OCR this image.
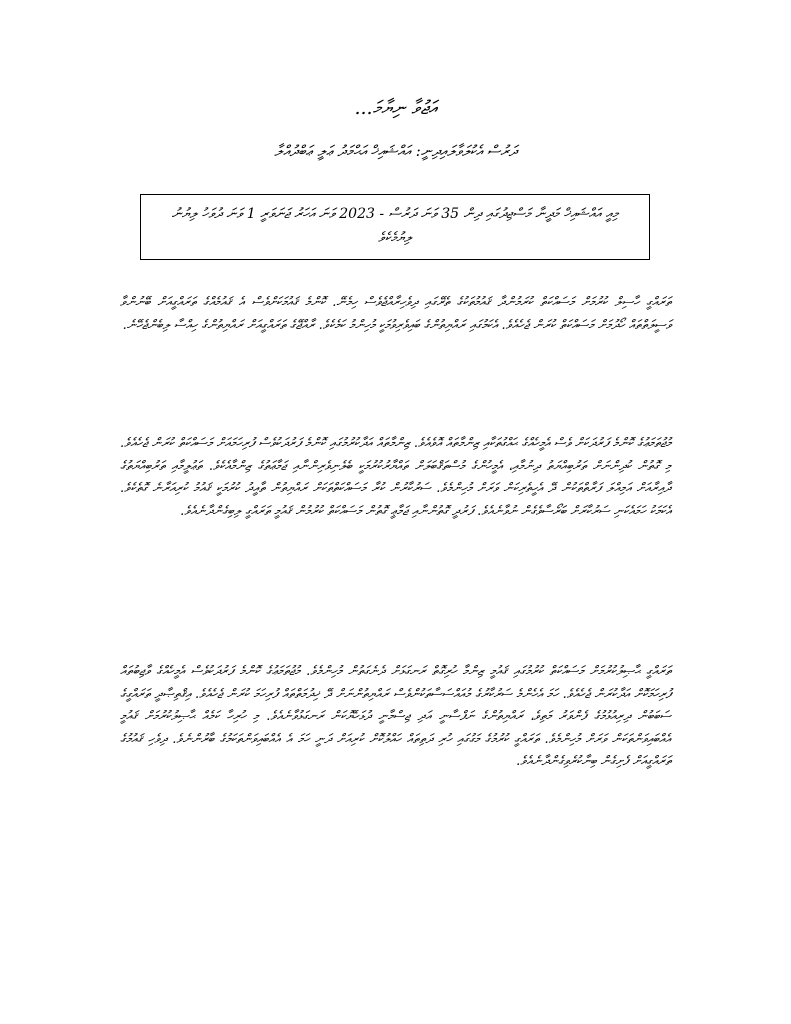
އަޖުވާ ނިޔާމަ...
ދަރުސް އެކުލަވާލައިދިނީ: އައްޝައިޚް އަޙްމަދު ޢަލީ ޢަބްދުއްލާ
މިއީ އައްޝައިޚް މަދީނާ މަސްޖިދުގައި ދިން 35 ވަނަ ދަރުސް - 2023 ވަނަ އަހަރު ޖަނަވަރީ 1 ވަނަ ދުވަހު ލިޔުނު ލިޔުމެކެވެ
ތަރައްގީ ހާސިލް ކުރުމަށް މަސައްކަތް ކުރަމުންދާ ޤައުމުތަކުގެ ތެރޭގައި ދިވެހިރާއްޖެވެސް ހިމެނޭ. ކޮންމެ ޤައުމަކަށްވެސް އެ ޤައުމެއްގެ ތަރައްގީއަށް ބޭނުންވާ ވަސީލަތްތައް ހޯދުމަށް މަސައްކަތް ކުރަން ޖެހެއެވެ. އެކަމުގައި ރައްޔިތުންގެ ބައިވެރިވުމަކީ މުހިންމު ކަމެކެވެ. ރާއްޖޭގެ ތަރައްގީއަށް ރައްޔިތުންގެ ހިއްސާ ލިބެންޖެހޭނެ.
މުޖުތަމަޢުގެ ކޮންމެ ފަރުދަކަށް ވެސް އެމީހެއްގެ ޙައްގުތަކާއި ޒިންމާތައް އޮވެއެވެ. ޒިންމާތައް އަދާކުރުމުގައި ކޮންމެ ފަރުދަކުވެސް ފުރިހަމައަށް މަސައްކަތް ކުރަން ޖެހެއެވެ. މި ގޮތުން ކުދިންނަށް ތަރުބިއްޔަތު ދިނުމާއި، އެމީހުންގެ މުސްތަޤްބަލަށް ތައްޔާރުކުރުމަކީ ބެލެނިވެރިންނާއި ޖަމާޢަތުގެ ޒިންމާއެކެވެ. ތަޢުލީމާއި ތަރުބިއްޔަތުގެ ދާއިރާއަށް އަމިއްލަ ފަރާތްތަކުން ދޭ އެހީތެރިކަން ވަރަށް މުހިންމެވެ. ސަރުކާރުން ކުރާ މަސައްކަތްތަކަށް ރައްޔިތުން ތާއީދު ކުރުމަކީ ޤައުމު ކުރިއަރާނެ ގޮތެކެވެ. އެކަމަކު ހަމައެކަނި ސަރުކާރަށް ބަރޯސާވެގެން ނުވާނެއެވެ. ފަރުދީ ގޮތުންނާއި ޖަމާޢީ ގޮތުން މަސައްކަތް ކުރުމުން ޤައުމީ ތަރައްގީ ލިބިގެންދާނެއެވެ.
ތަރައްގީ ޙާޞިލުކުރުމަށް މަސައްކަތް ކުރުމުގައި ޤައުމީ ޒިންމާ ހުރިގޮތް ރަނގަޅަށް ދެނެގަތުން މުހިންމެވެ. މުޖުތަމަޢުގެ ކޮންމެ ފަރުދަކުވެސް އެމީހެއްގެ ވާޖިބުތައް ފުރިހަމަކޮށް އަދާކުރަން ޖެހެއެވެ. ހަމަ އެހެންމެ ސަރުކާރުގެ މުއައްސަސާތަކުންވެސް ރައްޔިތުންނަށް ދޭ ޚިދުމަތްތައް ފުރިހަމަ ކުރަން ޖެހެއެވެ. އިޤްތިޞާދީ ތަރައްގީގެ ސަބަބުން ދިރިއުޅުމުގެ ފެންވަރު މަތިވެ، ރައްޔިތުންގެ ނަފްސާނީ އަދި ޖިސްމާނީ ދުޅަހެޔޮކަން ރަނގަޅުވާނެއެވެ. މި ހުރިހާ ކަމެއް ޙާޞިލުކުރުމަށް ޤައުމީ އެއްބައިވަންތަކަން ވަރަށް މުހިންމެވެ. ތަރައްގީ ކުރުމުގެ މަގުގައި ހުރި ދަތިތައް ހައްލުކޮށް ކުރިއަށް ދަނީ ހަމަ އެ އެއްބައިވަންތަކަމުގެ ބާރުންނެވެ. ދިވެހި ޤައުމުގެ ތަރައްގީއަށް ފެށިގެން ބިނާކުރެވިގެންދާނެއެވެ.
